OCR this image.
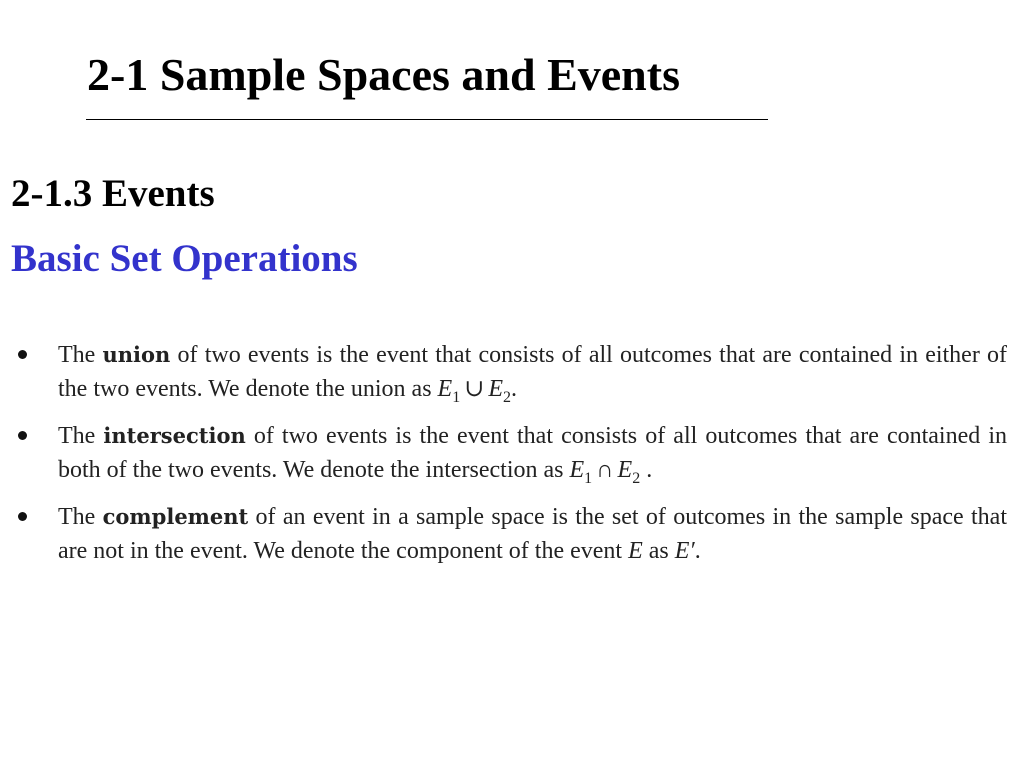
2-1 Sample Spaces and Events
2-1.3 Events
Basic Set Operations
The union of two events is the event that consists of all outcomes that are contained in either of the two events. We denote the union as $E_1$ ∪ $E_2$.
The intersection of two events is the event that consists of all outcomes that are contained in both of the two events. We denote the intersection as $E_1$ ∩ $E_2$ .
The complement of an event in a sample space is the set of outcomes in the sample space that are not in the event. We denote the component of the event E as E′.
